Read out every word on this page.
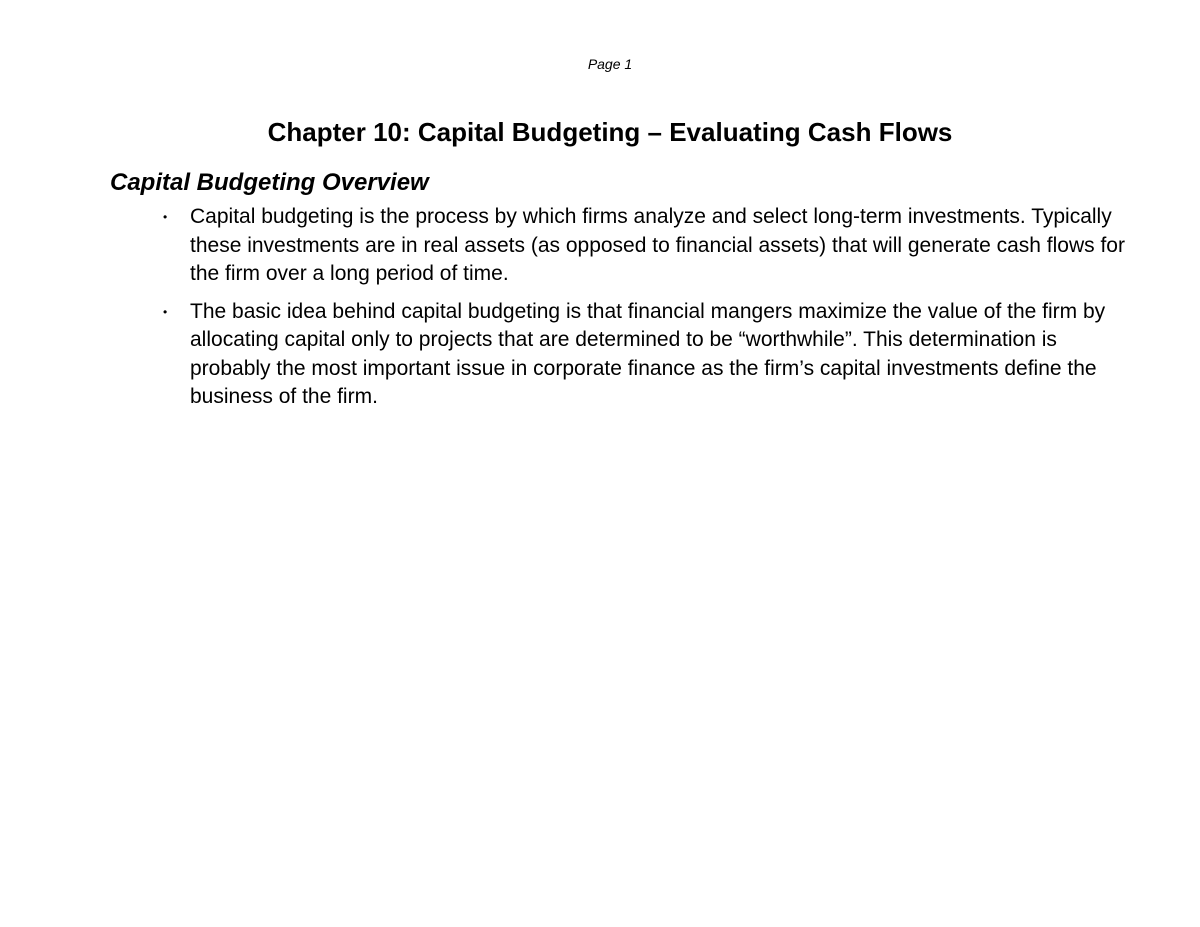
Page 1
Chapter 10: Capital Budgeting – Evaluating Cash Flows
Capital Budgeting Overview
• Capital budgeting is the process by which firms analyze and select long-term investments. Typically these investments are in real assets (as opposed to financial assets) that will generate cash flows for the firm over a long period of time.
• The basic idea behind capital budgeting is that financial mangers maximize the value of the firm by allocating capital only to projects that are determined to be “worthwhile”. This determination is probably the most important issue in corporate finance as the firm’s capital investments define the business of the firm.
